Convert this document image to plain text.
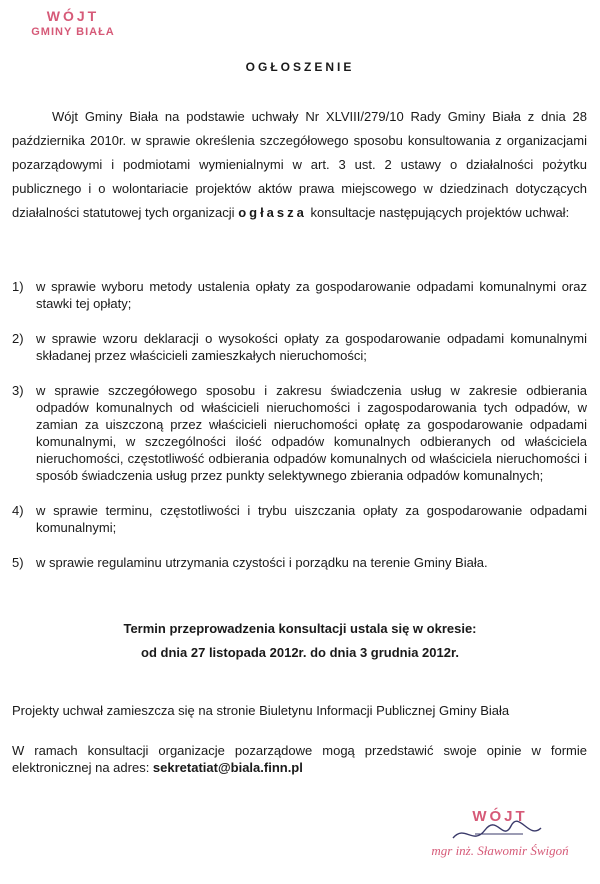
WÓJT
GMINY BIAŁA
OGŁOSZENIE
Wójt Gminy Biała na podstawie uchwały Nr XLVIII/279/10 Rady Gminy Biała z dnia 28 października 2010r. w sprawie określenia szczegółowego sposobu konsultowania z organizacjami pozarządowymi i podmiotami wymienialnymi w art. 3 ust. 2 ustawy o działalności pożytku publicznego i o wolontariacie projektów aktów prawa miejscowego w dziedzinach dotyczących działalności statutowej tych organizacji ogłasza konsultacje następujących projektów uchwał:
1) w sprawie wyboru metody ustalenia opłaty za gospodarowanie odpadami komunalnymi oraz stawki tej opłaty;
2) w sprawie wzoru deklaracji o wysokości opłaty za gospodarowanie odpadami komunalnymi składanej przez właścicieli zamieszkałych nieruchomości;
3) w sprawie szczegółowego sposobu i zakresu świadczenia usług w zakresie odbierania odpadów komunalnych od właścicieli nieruchomości i zagospodarowania tych odpadów, w zamian za uiszczoną przez właścicieli nieruchomości opłatę za gospodarowanie odpadami komunalnymi, w szczególności ilość odpadów komunalnych odbieranych od właściciela nieruchomości, częstotliwość odbierania odpadów komunalnych od właściciela nieruchomości i sposób świadczenia usług przez punkty selektywnego zbierania odpadów komunalnych;
4) w sprawie terminu, częstotliwości i trybu uiszczania opłaty za gospodarowanie odpadami komunalnymi;
5) w sprawie regulaminu utrzymania czystości i porządku na terenie Gminy Biała.
Termin przeprowadzenia konsultacji ustala się w okresie:
od dnia 27 listopada 2012r. do dnia 3 grudnia 2012r.
Projekty uchwał zamieszcza się na stronie Biuletynu Informacji Publicznej Gminy Biała
W ramach konsultacji organizacje pozarządowe mogą przedstawić swoje opinie w formie elektronicznej na adres: sekretatiat@biala.finn.pl
WÓJT
mgr inż. Sławomir Świgoń
